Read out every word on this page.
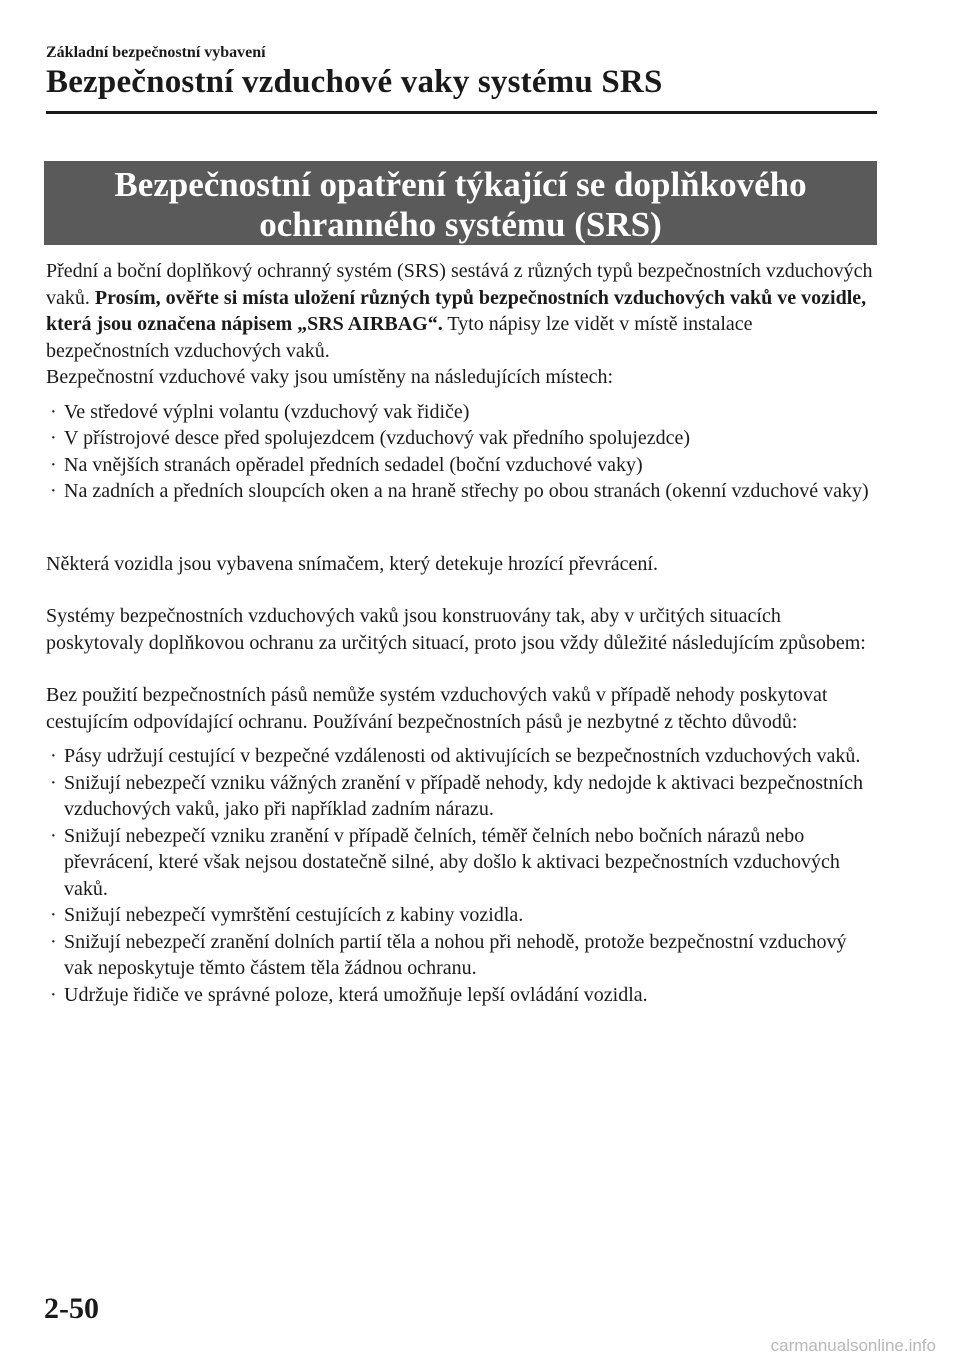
Základní bezpečnostní vybavení
Bezpečnostní vzduchové vaky systému SRS
Bezpečnostní opatření týkající se doplňkového
ochranného systému (SRS)

Přední a boční doplňkový ochranný systém (SRS) sestává z různých typů bezpečnostních vzduchových vaků. Prosím, ověřte si místa uložení různých typů bezpečnostních vzduchových vaků ve vozidle, která jsou označena nápisem „SRS AIRBAG“. Tyto nápisy lze vidět v místě instalace bezpečnostních vzduchových vaků.

Bezpečnostní vzduchové vaky jsou umístěny na následujících místech:

· Ve středové výplni volantu (vzduchový vak řidiče)
· V přístrojové desce před spolujezdcem (vzduchový vak předního spolujezdce)
· Na vnějších stranách opěradel předních sedadel (boční vzduchové vaky)
· Na zadních a předních sloupcích oken a na hraně střechy po obou stranách (okenní vzduchové vaky)

Některá vozidla jsou vybavena snímačem, který detekuje hrozící převrácení.

Systémy bezpečnostních vzduchových vaků jsou konstruovány tak, aby v určitých situacích poskytovaly doplňkovou ochranu za určitých situací, proto jsou vždy důležité následujícím způsobem:

Bez použití bezpečnostních pásů nemůže systém vzduchových vaků v případě nehody poskytovat cestujícím odpovídající ochranu. Používání bezpečnostních pásů je nezbytné z těchto důvodů:

· Pásy udržují cestující v bezpečné vzdálenosti od aktivujících se bezpečnostních vzduchových vaků.
· Snižují nebezpečí vzniku vážných zranění v případě nehody, kdy nedojde k aktivaci bezpečnostních vzduchových vaků, jako při například zadním nárazu.
· Snižují nebezpečí vzniku zranění v případě čelních, téměř čelních nebo bočních nárazů nebo převrácení, které však nejsou dostatečně silné, aby došlo k aktivaci bezpečnostních vzduchových vaků.
· Snižují nebezpečí vymrštění cestujících z kabiny vozidla.
· Snižují nebezpečí zranění dolních partií těla a nohou při nehodě, protože bezpečnostní vzduchový vak neposkytuje těmto částem těla žádnou ochranu.
· Udržuje řidiče ve správné poloze, která umožňuje lepší ovládání vozidla.
2-50
carmanualsonline.info
